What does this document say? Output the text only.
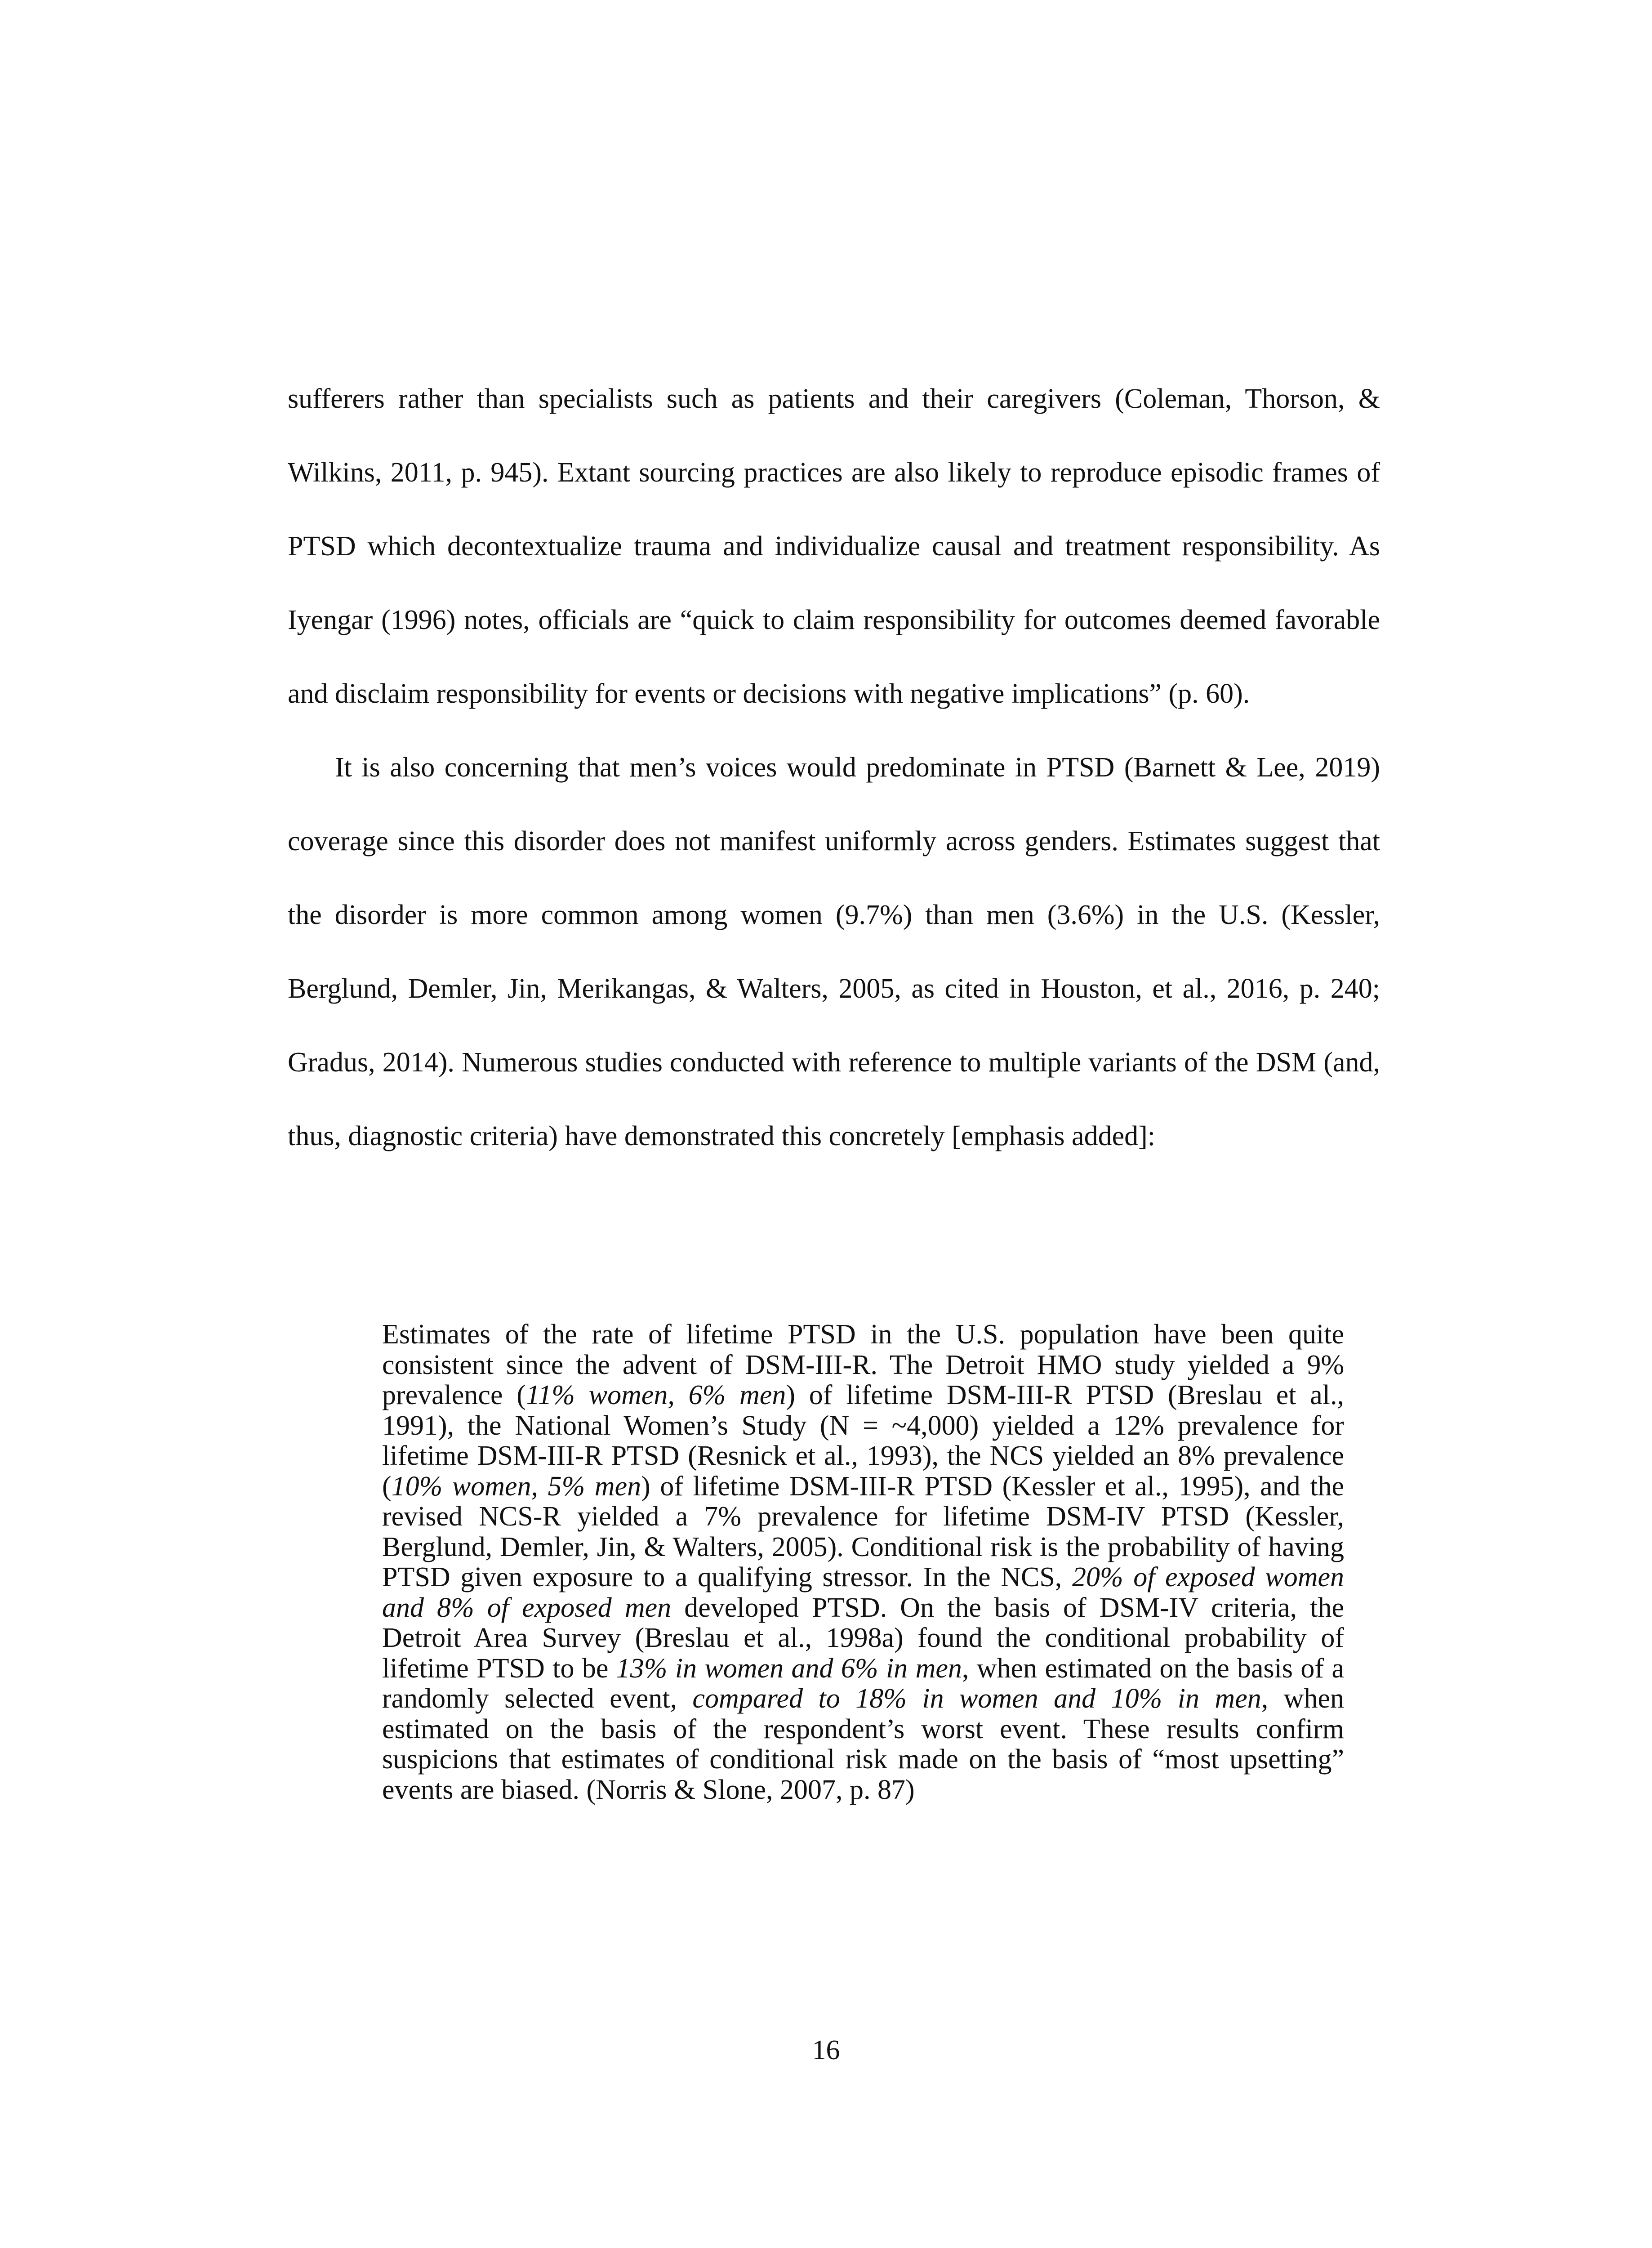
sufferers rather than specialists such as patients and their caregivers (Coleman, Thorson, & Wilkins, 2011, p. 945). Extant sourcing practices are also likely to reproduce episodic frames of PTSD which decontextualize trauma and individualize causal and treatment responsibility. As Iyengar (1996) notes, officials are “quick to claim responsibility for outcomes deemed favorable and disclaim responsibility for events or decisions with negative implications” (p. 60).

It is also concerning that men’s voices would predominate in PTSD (Barnett & Lee, 2019) coverage since this disorder does not manifest uniformly across genders. Estimates suggest that the disorder is more common among women (9.7%) than men (3.6%) in the U.S. (Kessler, Berglund, Demler, Jin, Merikangas, & Walters, 2005, as cited in Houston, et al., 2016, p. 240; Gradus, 2014). Numerous studies conducted with reference to multiple variants of the DSM (and, thus, diagnostic criteria) have demonstrated this concretely [emphasis added]:

Estimates of the rate of lifetime PTSD in the U.S. population have been quite consistent since the advent of DSM-III-R. The Detroit HMO study yielded a 9% prevalence (11% women, 6% men) of lifetime DSM-III-R PTSD (Breslau et al., 1991), the National Women’s Study (N = ~4,000) yielded a 12% prevalence for lifetime DSM-III-R PTSD (Resnick et al., 1993), the NCS yielded an 8% prevalence (10% women, 5% men) of lifetime DSM-III-R PTSD (Kessler et al., 1995), and the revised NCS-R yielded a 7% prevalence for lifetime DSM-IV PTSD (Kessler, Berglund, Demler, Jin, & Walters, 2005). Conditional risk is the probability of having PTSD given exposure to a qualifying stressor. In the NCS, 20% of exposed women and 8% of exposed men developed PTSD. On the basis of DSM-IV criteria, the Detroit Area Survey (Breslau et al., 1998a) found the conditional probability of lifetime PTSD to be 13% in women and 6% in men, when estimated on the basis of a randomly selected event, compared to 18% in women and 10% in men, when estimated on the basis of the respondent’s worst event. These results confirm suspicions that estimates of conditional risk made on the basis of “most upsetting” events are biased. (Norris & Slone, 2007, p. 87)

16
